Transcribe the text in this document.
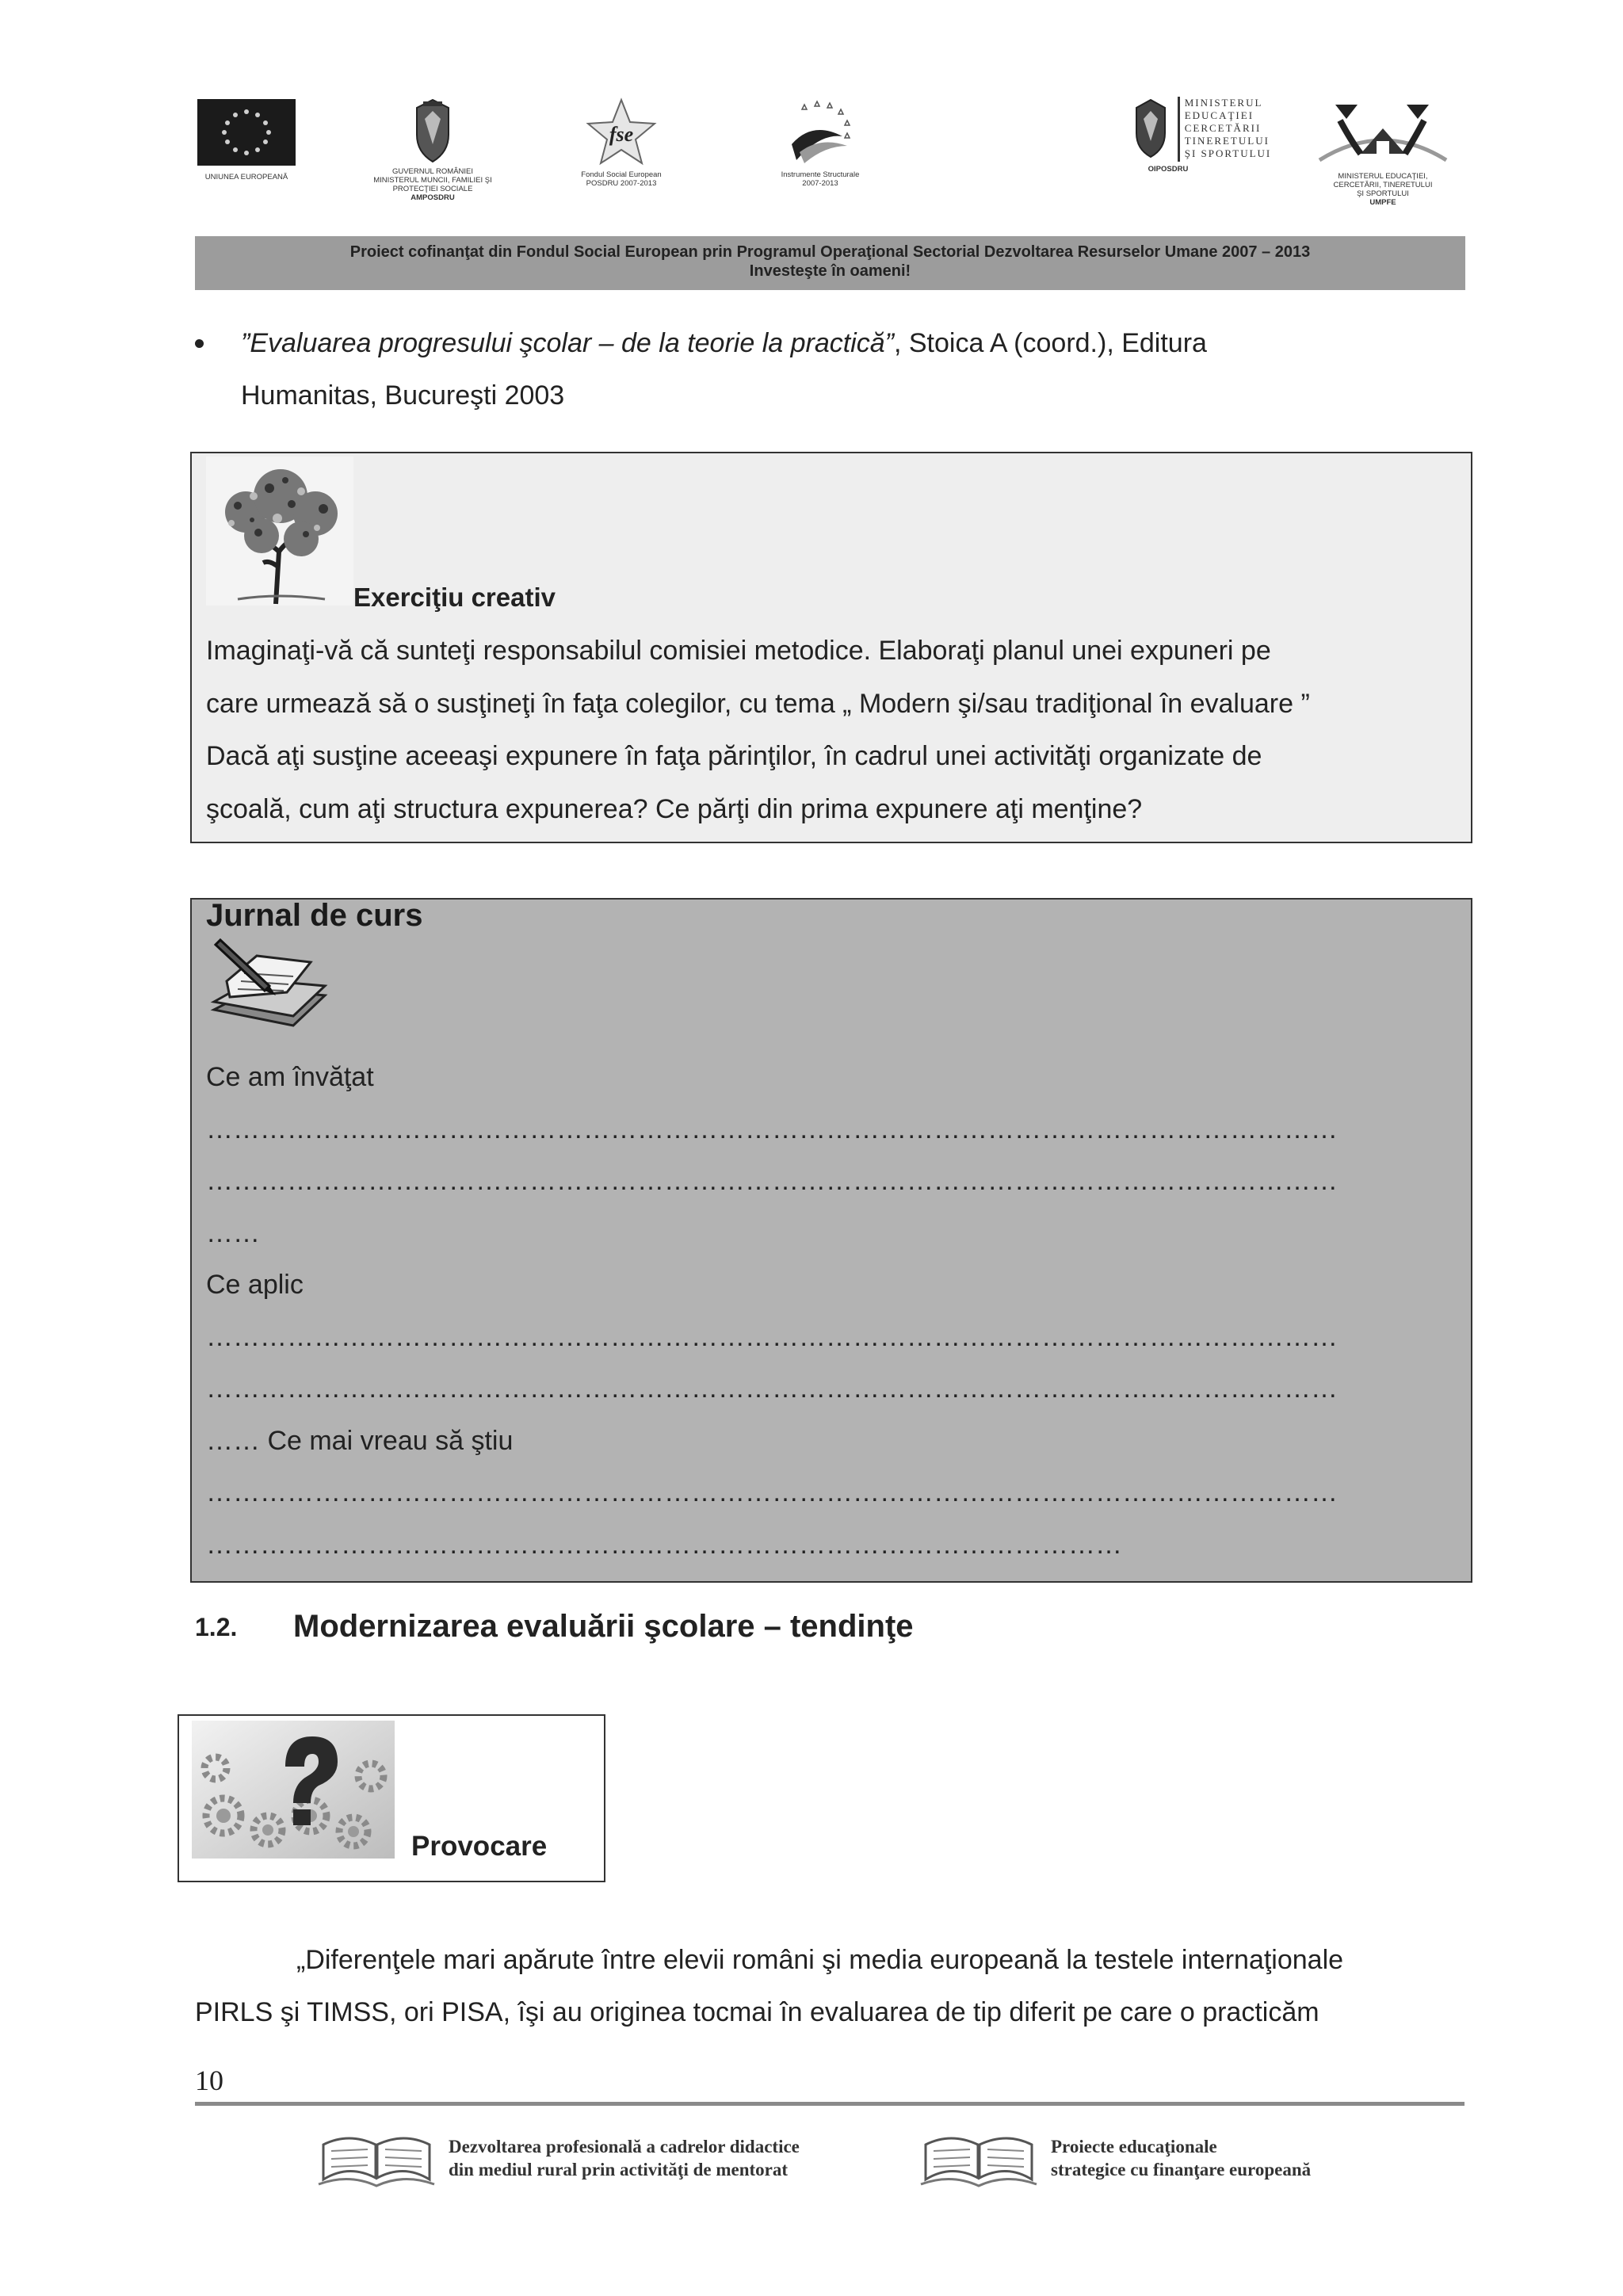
UNIUNEA EUROPEANĂ
GUVERNUL ROMÂNIEI
MINISTERUL MUNCII, FAMILIEI ŞI
PROTECŢIEI SOCIALE
AMPOSDRU
fse
Fondul Social European
POSDRU 2007-2013
Instrumente Structurale
2007-2013
MINISTERUL
EDUCAŢIEI
CERCETĂRII
TINERETULUI
ŞI SPORTULUI
OIPOSDRU
MINISTERUL EDUCAŢIEI,
CERCETĂRII, TINERETULUI
ŞI SPORTULUI
UMPFE
Proiect cofinanţat din Fondul Social European prin Programul Operaţional Sectorial Dezvoltarea Resurselor Umane 2007 – 2013
Investeşte în oameni!
”Evaluarea progresului şcolar – de la teorie la practică”, Stoica A (coord.), Editura
Humanitas, Bucureşti 2003
Exerciţiu creativ

Imaginaţi-vă că sunteţi responsabilul comisiei metodice. Elaboraţi planul unei expuneri pe

care urmează să o susţineţi în faţa colegilor, cu tema „ Modern şi/sau tradiţional în evaluare ”

Dacă aţi susţine aceeaşi expunere în faţa părinţilor, în cadrul unei activităţi organizate de

şcoală, cum aţi structura expunerea? Ce părţi din prima expunere aţi menţine?

Jurnal de curs
Ce am învăţat
………………………………………………………………………………………………………………
………………………………………………………………………………………………………………
……
Ce aplic
………………………………………………………………………………………………………………
………………………………………………………………………………………………………………
…… Ce mai vreau să ştiu
………………………………………………………………………………………………………………
…………………………………………………………………………………………
1.2. Modernizarea evaluării şcolare – tendinţe
Provocare

„Diferenţele mari apărute între elevii români şi media europeană la testele internaţionale

PIRLS şi TIMSS, ori PISA, îşi au originea tocmai în evaluarea de tip diferit pe care o practicăm

10
Dezvoltarea profesională a cadrelor didactice
din mediul rural prin activităţi de mentorat
Proiecte educaţionale
strategice cu finanţare europeană
